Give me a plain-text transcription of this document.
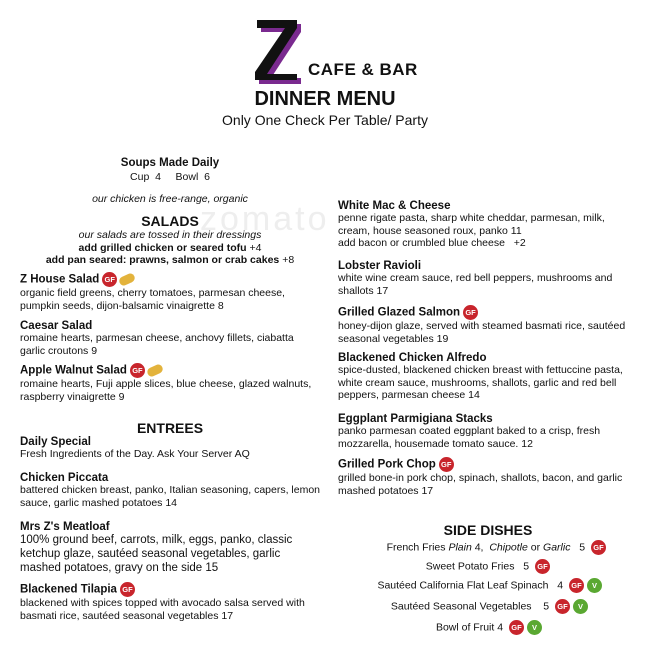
zomato
CAFE & BAR
DINNER MENU
Only One Check Per Table/ Party
Soups Made Daily
Cup  4     Bowl  6
our chicken is free-range, organic
SALADS
our salads are tossed in their dressings
add grilled chicken or seared tofu +4
add pan seared: prawns, salmon or crab cakes +8
Z House Salad GF
organic field greens, cherry tomatoes, parmesan cheese, pumpkin seeds, dijon-balsamic vinaigrette 8
Caesar Salad
romaine hearts, parmesan cheese, anchovy fillets, ciabatta garlic croutons 9
Apple Walnut Salad GF
romaine hearts, Fuji apple slices, blue cheese, glazed walnuts, raspberry vinaigrette 9
ENTREES
Daily Special
Fresh Ingredients of the Day. Ask Your Server AQ
Chicken Piccata
battered chicken breast, panko, Italian seasoning, capers, lemon sauce, garlic mashed potatoes 14
Mrs Z's Meatloaf
100% ground beef, carrots, milk, eggs, panko, classic ketchup glaze, sautéed seasonal vegetables, garlic mashed potatoes, gravy on the side 15
Blackened Tilapia GF
blackened with spices topped with avocado salsa served with basmati rice, sautéed seasonal vegetables 17
White Mac & Cheese
penne rigate pasta, sharp white cheddar, parmesan, milk, cream, house seasoned roux, panko 11
add bacon or crumbled blue cheese +2
Lobster Ravioli
white wine cream sauce, red bell peppers, mushrooms and shallots 17
Grilled Glazed Salmon GF
honey-dijon glaze, served with steamed basmati rice, sautéed seasonal vegetables 19
Blackened Chicken Alfredo
spice-dusted, blackened chicken breast with fettuccine pasta, white cream sauce, mushrooms, shallots, garlic and red bell peppers, parmesan cheese 14
Eggplant Parmigiana Stacks
panko parmesan coated eggplant baked to a crisp, fresh mozzarella, housemade tomato sauce. 12
Grilled Pork Chop GF
grilled bone-in pork chop, spinach, shallots, bacon, and garlic mashed potatoes 17
SIDE DISHES
French Fries Plain 4, Chipotle or Garlic 5 GF
Sweet Potato Fries 5 GF
Sautéed California Flat Leaf Spinach 4 GF V
Sautéed Seasonal Vegetables 5 GF V
Bowl of Fruit 4 GF V
